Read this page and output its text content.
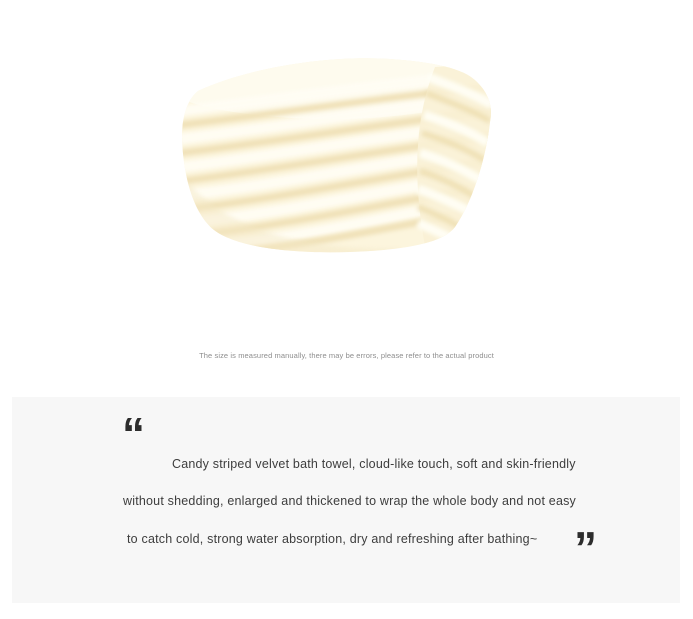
The size is measured manually, there may be errors, please refer to the actual product
“

Candy striped velvet bath towel, cloud-like touch, soft and skin-friendly

without shedding, enlarged and thickened to wrap the whole body and not easy

to catch cold, strong water absorption, dry and refreshing after bathing~ ”
